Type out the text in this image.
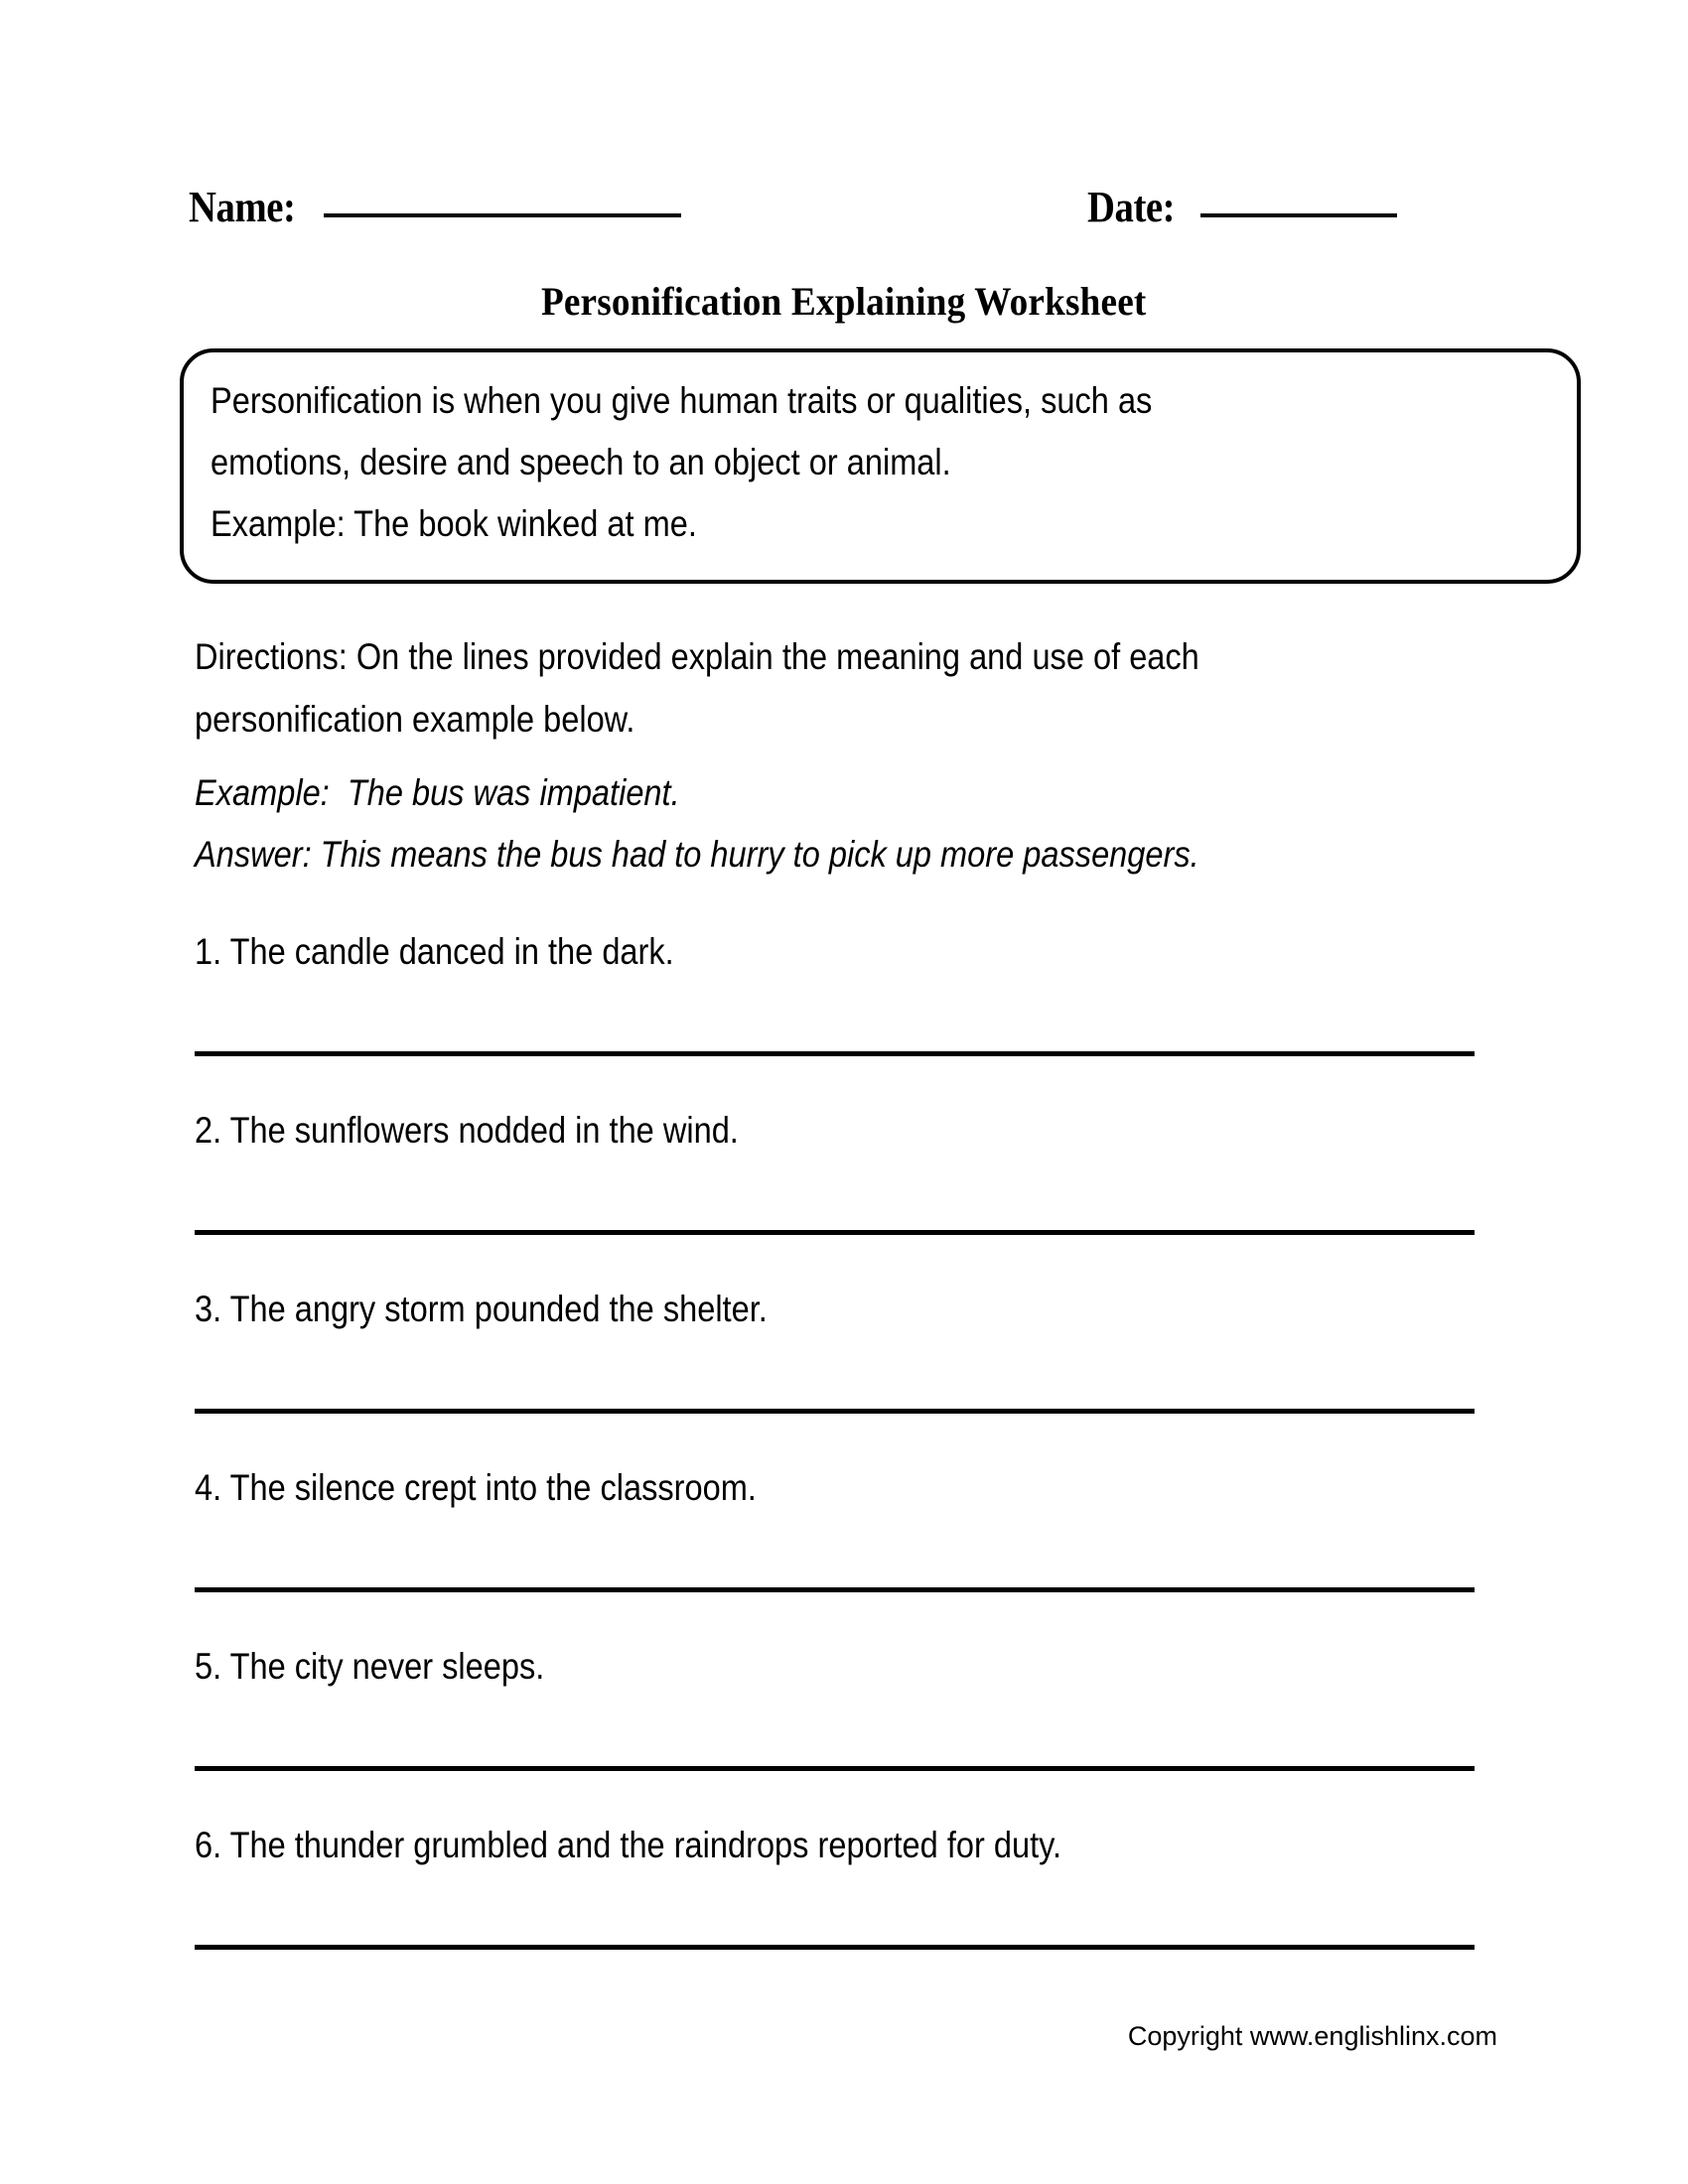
Name:	Date:
Personification Explaining Worksheet
Personification is when you give human traits or qualities, such as
emotions, desire and speech to an object or animal.
Example: The book winked at me.
Directions: On the lines provided explain the meaning and use of each
personification example below.
Example:  The bus was impatient.
Answer: This means the bus had to hurry to pick up more passengers.
1. The candle danced in the dark.
2. The sunflowers nodded in the wind.
3. The angry storm pounded the shelter.
4. The silence crept into the classroom.
5. The city never sleeps.
6. The thunder grumbled and the raindrops reported for duty.
Copyright www.englishlinx.com
